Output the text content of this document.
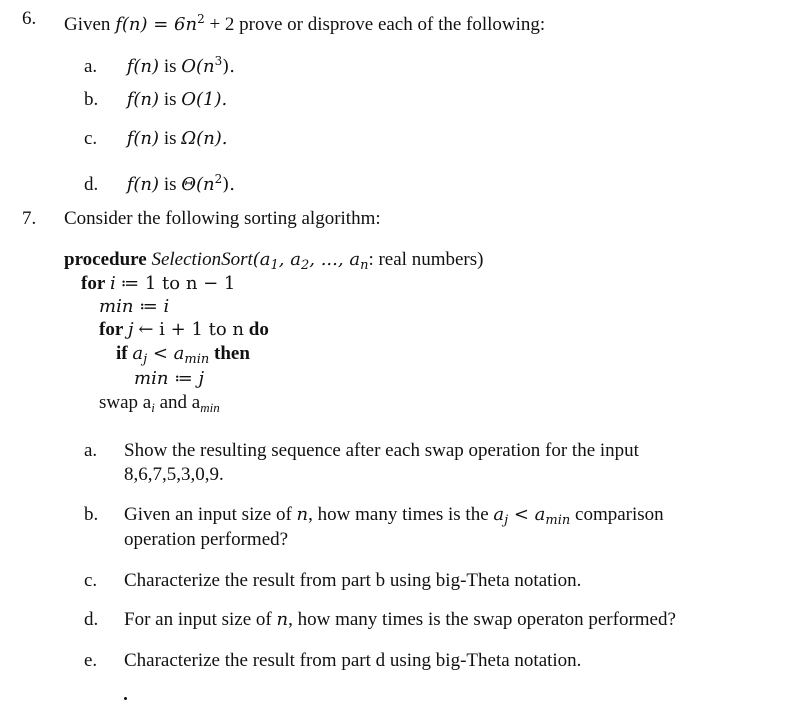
6. Given $f(n) = 6n^2 + 2$ prove or disprove each of the following:
a. f(n) is $O(n^3)$.
b. f(n) is O(1).
c. f(n) is Ω(n).
d. f(n) is $\Theta(n^2)$.
7. Consider the following sorting algorithm:
procedure $SelectionSort(a_1$, $a_2$, ..., $a_n$: real numbers)
for i ≔ 1 to n − 1
min ≔ i
for j ← i + 1 to n do
if $a_j < a_{min}$ then
min ≔ j
swap $a_i$ and $a_{min}$
a. Show the resulting sequence after each swap operation for the input
8,6,7,5,3,0,9.
b. Given an input size of n, how many times is the $a_j < a_{min}$ comparison
operation performed?
c. Characterize the result from part b using big-Theta notation.
d. For an input size of n, how many times is the swap operaton performed?
e. Characterize the result from part d using big-Theta notation.
